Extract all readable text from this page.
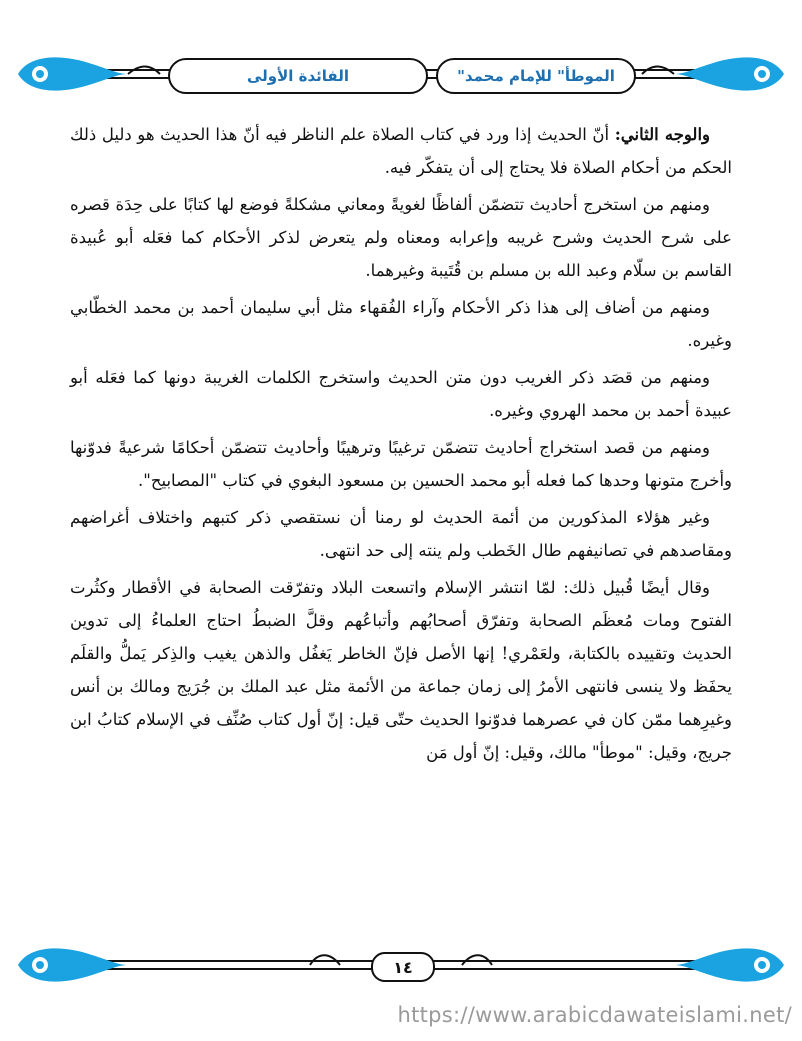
الفائدة الأولى	"الموطأ" للإمام محمد

والوجه الثاني: أنّ الحديث إذا ورد في كتاب الصلاة علم الناظر فيه أنّ هذا الحديث هو دليل ذلك الحكم من أحكام الصلاة فلا يحتاج إلى أن يتفكّر فيه.

ومنهم من استخرج أحاديث تتضمّن ألفاظًا لغويةً ومعاني مشكلةً فوضع لها كتابًا على حِدَة قصره على شرح الحديث وشرح غريبه وإعرابه ومعناه ولم يتعرض لذكر الأحكام كما فعَله أبو عُبيدة القاسم بن سلّام وعبد الله بن مسلم بن قُتَيبة وغيرهما.

ومنهم من أضاف إلى هذا ذكر الأحكام وآراء الفُقهاء مثل أبي سليمان أحمد بن محمد الخطّابي وغيره.

ومنهم من قصَد ذكر الغريب دون متن الحديث واستخرج الكلمات الغريبة دونها كما فعَله أبو عبيدة أحمد بن محمد الهروي وغيره.

ومنهم من قصد استخراج أحاديث تتضمّن ترغيبًا وترهيبًا وأحاديث تتضمّن أحكامًا شرعيةً فدوّنها وأخرج متونها وحدها كما فعله أبو محمد الحسين بن مسعود البغوي في كتاب "المصابيح".

وغير هؤلاء المذكورين من أئمة الحديث لو رمنا أن نستقصي ذكر كتبهم واختلاف أغراضهم ومقاصدهم في تصانيفهم طال الخَطب ولم ينته إلى حد انتهى.

وقال أيضًا قُبيل ذلك: لمّا انتشر الإسلام واتسعت البلاد وتفرّقت الصحابة في الأقطار وكثُرت الفتوح ومات مُعظَم الصحابة وتفرّق أصحابُهم وأتباعُهم وقلَّ الضبطُ احتاج العلماءُ إلى تدوين الحديث وتقييده بالكتابة، ولعَمْري! إنها الأصل فإنّ الخاطر يَغفُل والذهن يغيب والذِكر يَملُّ والقلَم يحفَظ ولا ينسى فانتهى الأمرُ إلى زمان جماعة من الأئمة مثل عبد الملك بن جُرَيج ومالك بن أنس وغيرِهما ممّن كان في عصرهما فدوّنوا الحديث حتّى قيل: إنّ أول كتاب صُنِّف في الإسلام كتابُ ابن جريج، وقيل: "موطأ" مالك، وقيل: إنّ أول مَن

١٤
https://www.arabicdawateislami.net/
